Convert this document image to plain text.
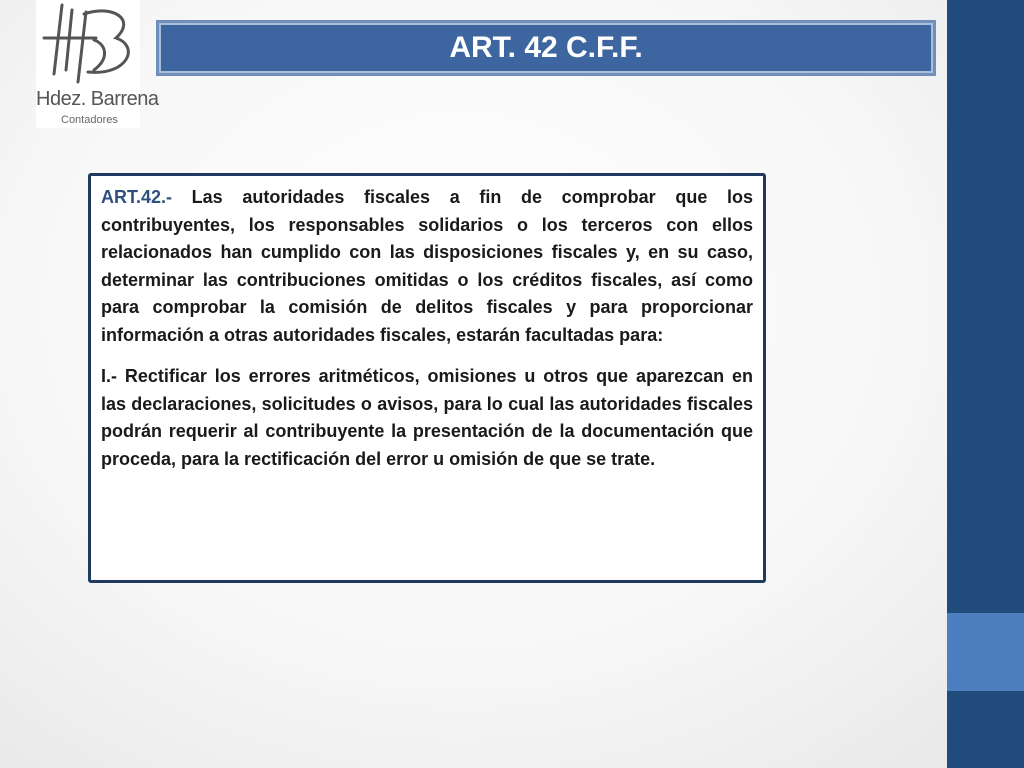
Hdez. Barrena
Contadores
ART. 42 C.F.F.

ART.42.- Las autoridades fiscales a fin de comprobar que los contribuyentes, los responsables solidarios o los terceros con ellos relacionados han cumplido con las disposiciones fiscales y, en su caso, determinar las contribuciones omitidas o los créditos fiscales, así como para comprobar la comisión de delitos fiscales y para proporcionar información a otras autoridades fiscales, estarán facultadas para:

I.- Rectificar los errores aritméticos, omisiones u otros que aparezcan en las declaraciones, solicitudes o avisos, para lo cual las autoridades fiscales podrán requerir al contribuyente la presentación de la documentación que proceda, para la rectificación del error u omisión de que se trate.
